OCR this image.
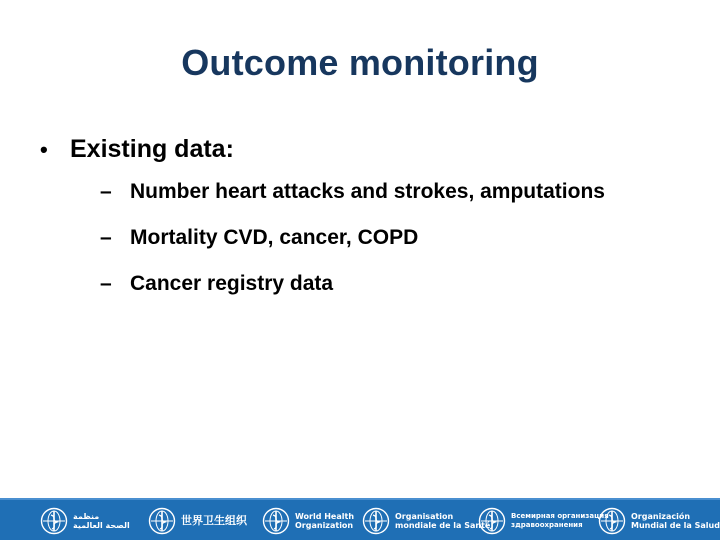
Outcome monitoring
• Existing data:
– Number heart attacks and strokes, amputations
– Mortality CVD, cancer, COPD
– Cancer registry data
منظمة
الصحة العالمية	世界卫生组织	World Health
Organization
Organisation
mondiale de la Santé
Всемирная организация
здравоохранения
Organización
Mundial de la Salud
